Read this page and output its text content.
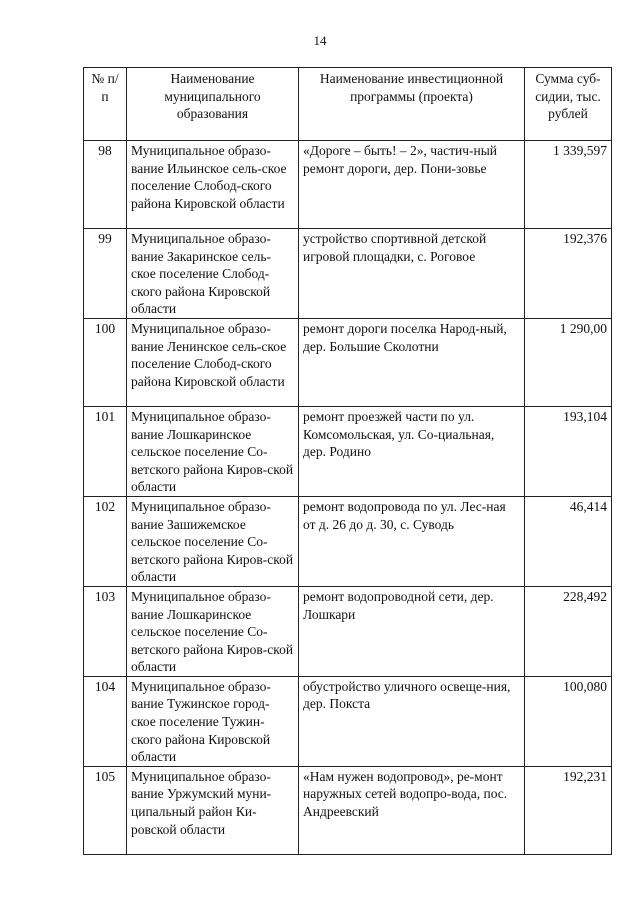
14
№ п/п	Наименование муниципального образования	Наименование инвестиционной программы (проекта)	Сумма суб-сидии, тыс. рублей
98	Муниципальное образо-вание Ильинское сель-ское поселение Слобод-ского района Кировской области	«Дороге – быть! – 2», частич-ный ремонт дороги, дер. Пони-зовье	1 339,597
99	Муниципальное образо-вание Закаринское сель-ское поселение Слобод-ского района Кировской области	устройство спортивной детской игровой площадки, с. Роговое	192,376
100	Муниципальное образо-вание Ленинское сель-ское поселение Слобод-ского района Кировской области	ремонт дороги поселка Народ-ный, дер. Большие Сколотни	1 290,00
101	Муниципальное образо-вание Лошкаринское сельское поселение Со-ветского района Киров-ской области	ремонт проезжей части по ул. Комсомольская, ул. Со-циальная, дер. Родино	193,104
102	Муниципальное образо-вание Зашижемское сельское поселение Со-ветского района Киров-ской области	ремонт водопровода по ул. Лес-ная от д. 26 до д. 30, с. Суводь	46,414
103	Муниципальное образо-вание Лошкаринское сельское поселение Со-ветского района Киров-ской области	ремонт водопроводной сети, дер. Лошкари	228,492
104	Муниципальное образо-вание Тужинское город-ское поселение Тужин-ского района Кировской области	обустройство уличного освеще-ния, дер. Покста	100,080
105	Муниципальное образо-вание Уржумский муни-ципальный район Ки-ровской области	«Нам нужен водопровод», ре-монт наружных сетей водопро-вода, пос. Андреевский	192,231
